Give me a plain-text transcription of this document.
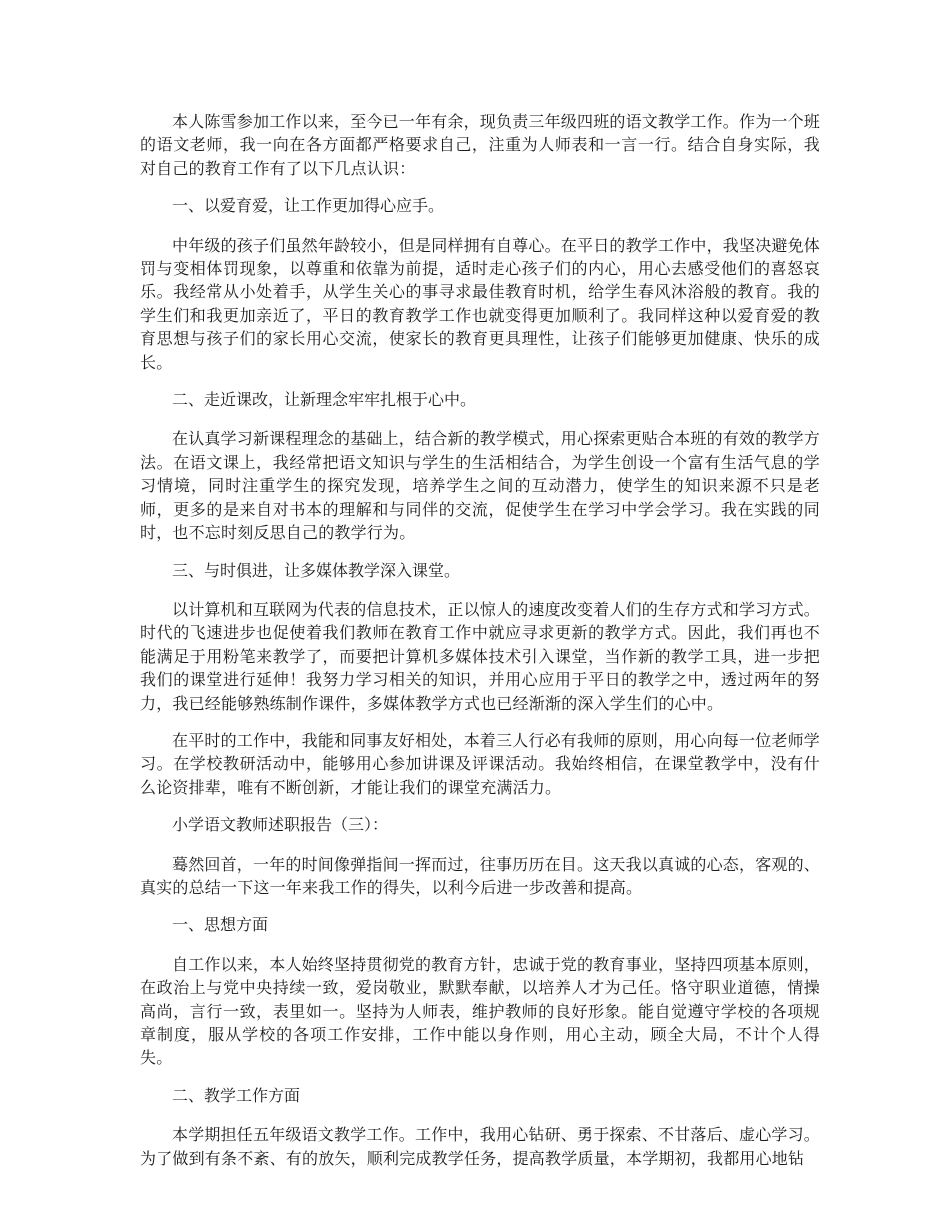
本人陈雪参加工作以来，至今已一年有余，现负责三年级四班的语文教学工作。作为一个班的语文老师，我一向在各方面都严格要求自己，注重为人师表和一言一行。结合自身实际，我对自己的教育工作有了以下几点认识：

一、以爱育爱，让工作更加得心应手。

中年级的孩子们虽然年龄较小，但是同样拥有自尊心。在平日的教学工作中，我坚决避免体罚与变相体罚现象，以尊重和依靠为前提，适时走心孩子们的内心，用心去感受他们的喜怒哀乐。我经常从小处着手，从学生关心的事寻求最佳教育时机，给学生春风沐浴般的教育。我的学生们和我更加亲近了，平日的教育教学工作也就变得更加顺利了。我同样这种以爱育爱的教育思想与孩子们的家长用心交流，使家长的教育更具理性，让孩子们能够更加健康、快乐的成长。

二、走近课改，让新理念牢牢扎根于心中。

在认真学习新课程理念的基础上，结合新的教学模式，用心探索更贴合本班的有效的教学方法。在语文课上，我经常把语文知识与学生的生活相结合，为学生创设一个富有生活气息的学习情境，同时注重学生的探究发现，培养学生之间的互动潜力，使学生的知识来源不只是老师，更多的是来自对书本的理解和与同伴的交流，促使学生在学习中学会学习。我在实践的同时，也不忘时刻反思自己的教学行为。

三、与时俱进，让多媒体教学深入课堂。

以计算机和互联网为代表的信息技术，正以惊人的速度改变着人们的生存方式和学习方式。时代的飞速进步也促使着我们教师在教育工作中就应寻求更新的教学方式。因此，我们再也不能满足于用粉笔来教学了，而要把计算机多媒体技术引入课堂，当作新的教学工具，进一步把我们的课堂进行延伸！我努力学习相关的知识，并用心应用于平日的教学之中，透过两年的努力，我已经能够熟练制作课件，多媒体教学方式也已经渐渐的深入学生们的心中。

在平时的工作中，我能和同事友好相处，本着三人行必有我师的原则，用心向每一位老师学习。在学校教研活动中，能够用心参加讲课及评课活动。我始终相信，在课堂教学中，没有什么论资排辈，唯有不断创新，才能让我们的课堂充满活力。

小学语文教师述职报告（三）：

蓦然回首，一年的时间像弹指间一挥而过，往事历历在目。这天我以真诚的心态，客观的、真实的总结一下这一年来我工作的得失，以利今后进一步改善和提高。

一、思想方面

自工作以来，本人始终坚持贯彻党的教育方针，忠诚于党的教育事业，坚持四项基本原则，在政治上与党中央持续一致，爱岗敬业，默默奉献，以培养人才为己任。恪守职业道德，情操高尚，言行一致，表里如一。坚持为人师表，维护教师的良好形象。能自觉遵守学校的各项规章制度，服从学校的各项工作安排，工作中能以身作则，用心主动，顾全大局，不计个人得失。

二、教学工作方面

本学期担任五年级语文教学工作。工作中，我用心钻研、勇于探索、不甘落后、虚心学习。为了做到有条不紊、有的放矢，顺利完成教学任务，提高教学质量，本学期初，我都用心地钻
